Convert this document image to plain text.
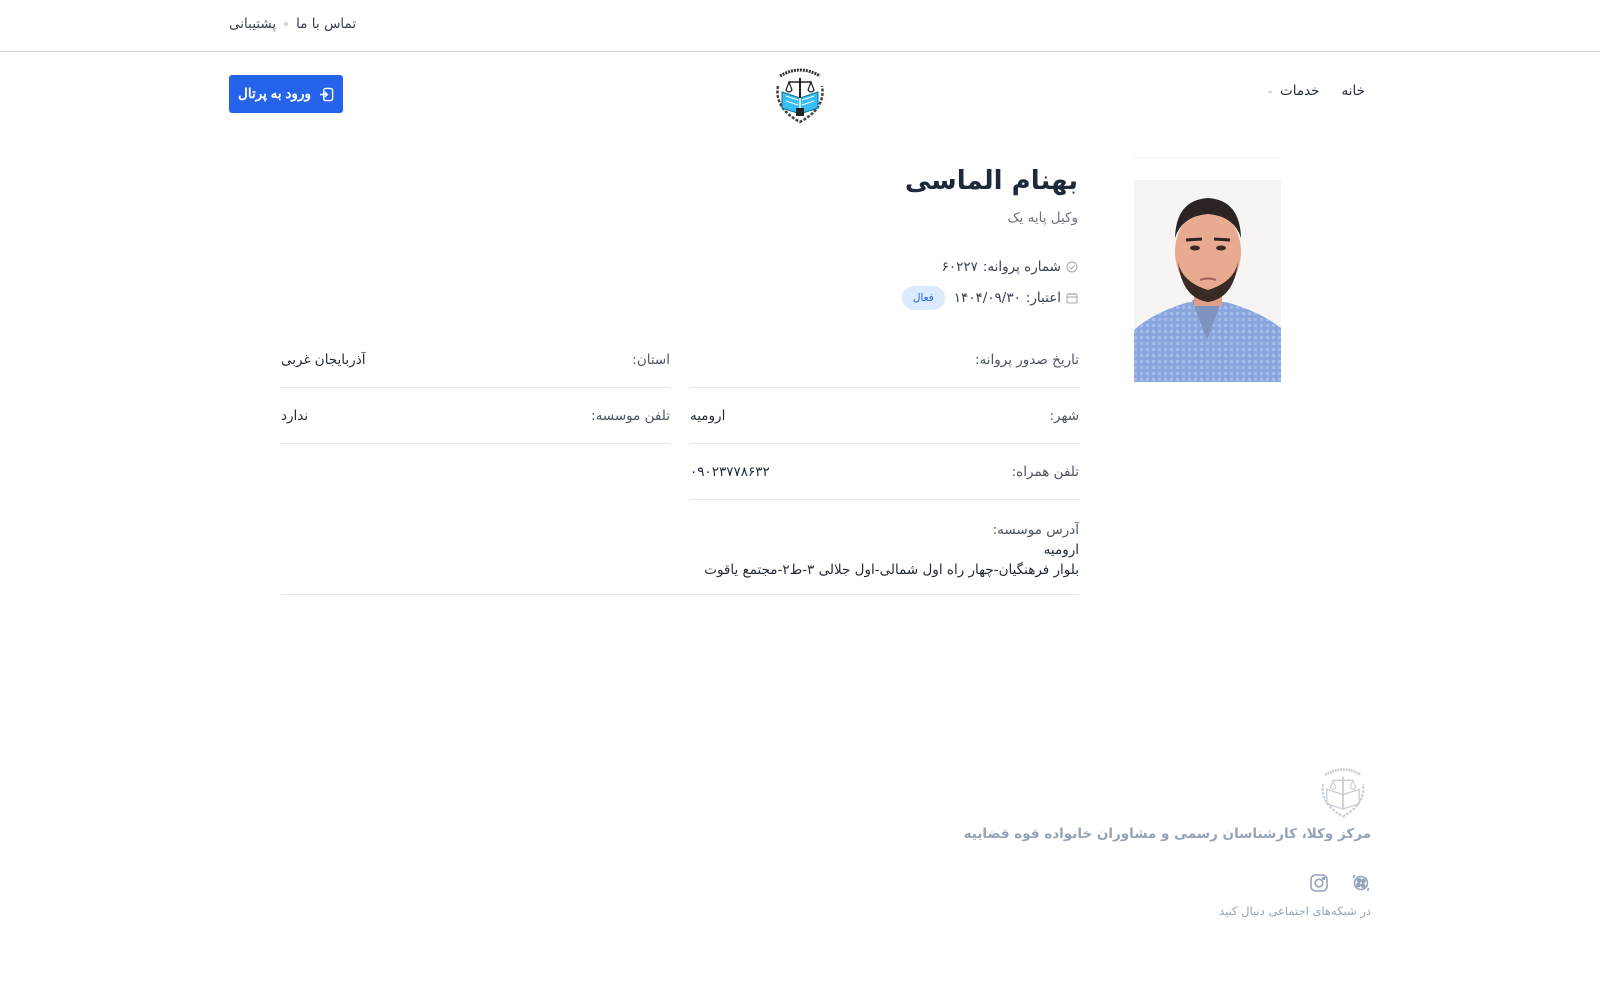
پشتیبانی تماس با ما
ورود به پرتال	خانه
خدمات
⌄
بهنام الماسی
وکیل پایه یک
شماره پروانه:
۶۰۲۲۷
اعتبار:
۱۴۰۴/۰۹/۳۰
فعال
تاریخ صدور پروانه:
استان:
آذربایجان غربی
شهر:
ارومیه
تلفن موسسه:
ندارد
تلفن همراه:
۰۹۰۲۳۷۷۸۶۳۲
آدرس موسسه:
ارومیه
بلوار فرهنگیان-چهار راه اول شمالی-اول جلالی ۳-ط۲-مجتمع یاقوت
مرکز وکلا، کارشناسان رسمی و مشاوران خانواده قوه قضاییه
در شبکه‌های اجتماعی دنبال کنید
